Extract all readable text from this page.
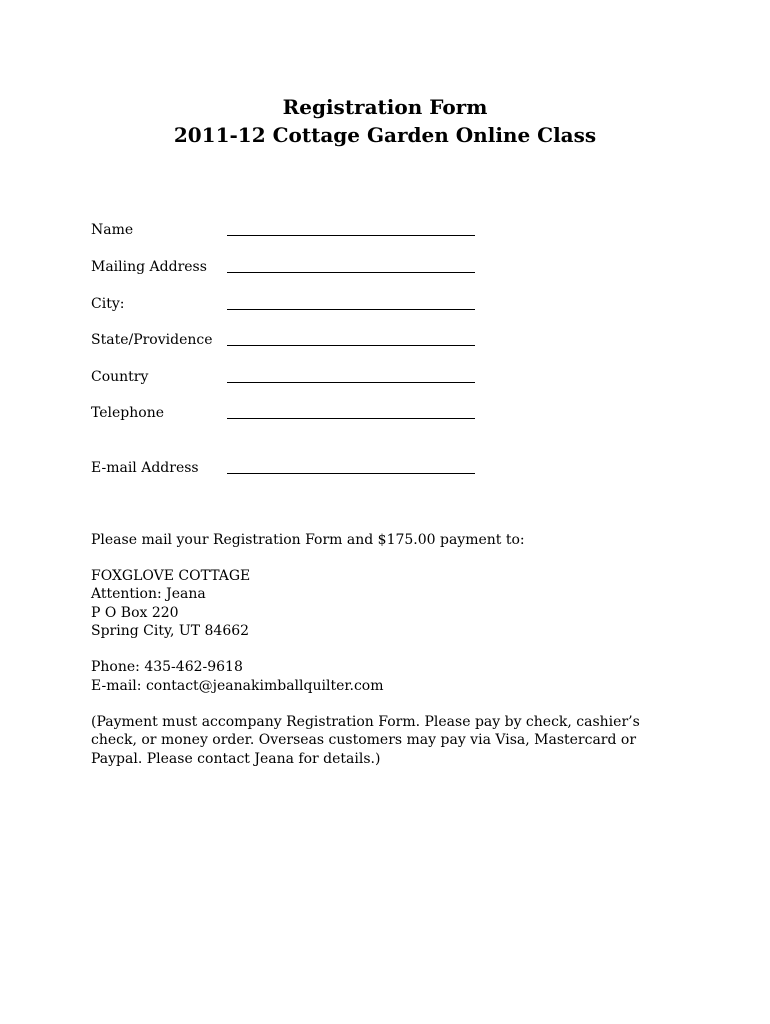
Registration Form
2011-12 Cottage Garden Online Class
Name
Mailing Address
City:
State/Providence
Country
Telephone
E-mail Address
Please mail your Registration Form and $175.00 payment to:
FOXGLOVE COTTAGE
Attention: Jeana
P O Box 220
Spring City, UT 84662
Phone: 435-462-9618
E-mail: contact@jeanakimballquilter.com
(Payment must accompany Registration Form. Please pay by check, cashier’s check, or money order. Overseas customers may pay via Visa, Mastercard or Paypal. Please contact Jeana for details.)
